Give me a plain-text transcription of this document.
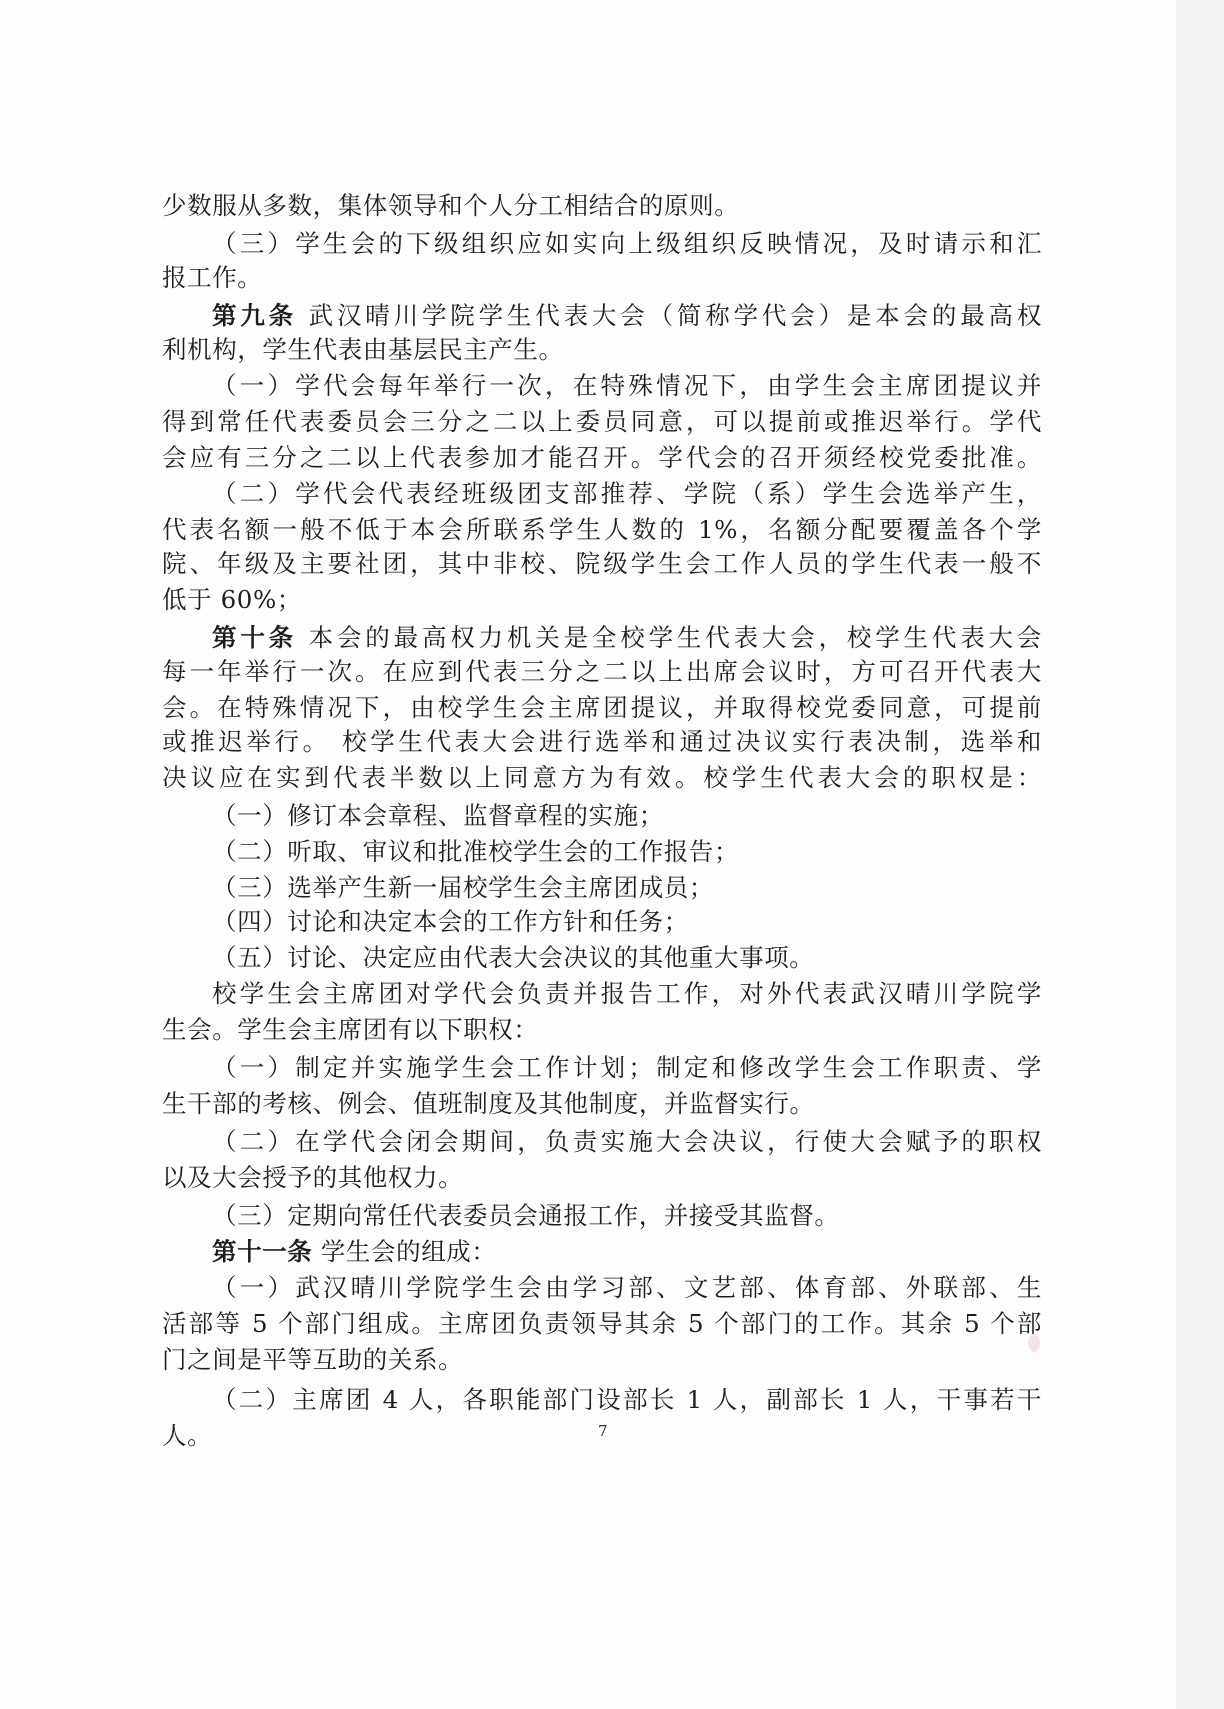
少数服从多数，集体领导和个人分工相结合的原则。
（三）学生会的下级组织应如实向上级组织反映情况，及时请示和汇
报工作。
第九条 武汉晴川学院学生代表大会（简称学代会）是本会的最高权
利机构，学生代表由基层民主产生。
（一）学代会每年举行一次，在特殊情况下，由学生会主席团提议并
得到常任代表委员会三分之二以上委员同意，可以提前或推迟举行。学代
会应有三分之二以上代表参加才能召开。学代会的召开须经校党委批准。
（二）学代会代表经班级团支部推荐、学院（系）学生会选举产生，
代表名额一般不低于本会所联系学生人数的 1%，名额分配要覆盖各个学
院、年级及主要社团，其中非校、院级学生会工作人员的学生代表一般不
低于 60%；
第十条 本会的最高权力机关是全校学生代表大会，校学生代表大会
每一年举行一次。在应到代表三分之二以上出席会议时，方可召开代表大
会。在特殊情况下，由校学生会主席团提议，并取得校党委同意，可提前
或推迟举行。 校学生代表大会进行选举和通过决议实行表决制，选举和
决议应在实到代表半数以上同意方为有效。校学生代表大会的职权是：
（一）修订本会章程、监督章程的实施；
（二）听取、审议和批准校学生会的工作报告；
（三）选举产生新一届校学生会主席团成员；
（四）讨论和决定本会的工作方针和任务；
（五）讨论、决定应由代表大会决议的其他重大事项。
校学生会主席团对学代会负责并报告工作，对外代表武汉晴川学院学
生会。学生会主席团有以下职权：
（一）制定并实施学生会工作计划；制定和修改学生会工作职责、学
生干部的考核、例会、值班制度及其他制度，并监督实行。
（二）在学代会闭会期间，负责实施大会决议，行使大会赋予的职权
以及大会授予的其他权力。
（三）定期向常任代表委员会通报工作，并接受其监督。
第十一条 学生会的组成：
（一）武汉晴川学院学生会由学习部、文艺部、体育部、外联部、生
活部等 5 个部门组成。主席团负责领导其余 5 个部门的工作。其余 5 个部
门之间是平等互助的关系。
（二）主席团 4 人，各职能部门设部长 1 人，副部长 1 人，干事若干
人。	7
